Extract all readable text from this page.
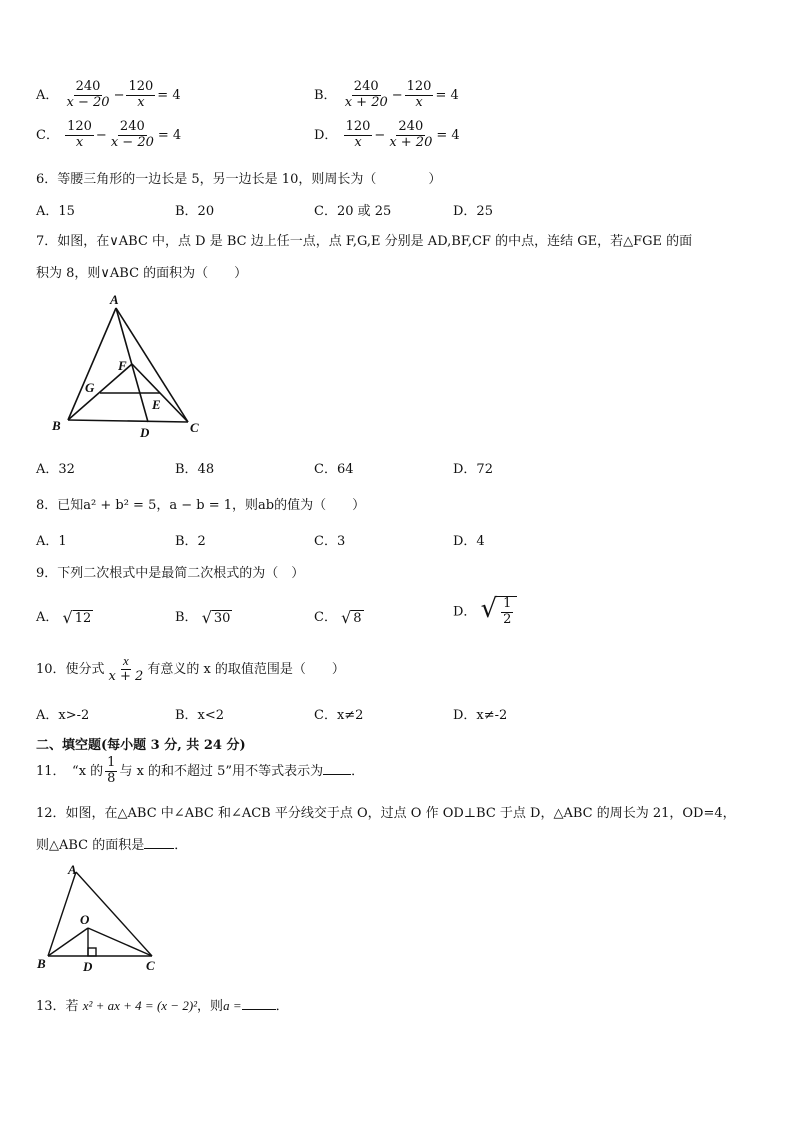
A． $\frac{240}{x - 20} - \frac{120}{x} = 4$	B． $\frac{240}{x + 20} - \frac{120}{x} = 4$
C． $\frac{120}{x} - \frac{240}{x - 20} = 4$	D． $\frac{120}{x} - \frac{240}{x + 20} = 4$
6．等腰三角形的一边长是 5，另一边长是 10，则周长为（　　　　）
A．15	B．20	C．20 或 25	D．25
7．如图，在∨ABC 中，点 D 是 BC 边上任一点，点 F,G,E 分别是 AD,BF,CF 的中点，连结 GE，若△FGE 的面
积为 8，则∨ABC 的面积为（　　）
A
F
G
E
B	D	C
A．32	B．48	C．64	D．72
8．已知a² + b² = 5，a − b = 1，则ab的值为（　　）
A．1	B．2	C．3	D．4
9．下列二次根式中是最简二次根式的为（　）
A． √ 12	B． √ 30	C． √ 8	D． √ $\frac{1}{2}$
10．使分式 $\frac{x}{x + 2}$ 有意义的 x 的取值范围是（　　）
A．x>-2	B．x<2	C．x≠2	D．x≠-2
二、填空题(每小题 3 分, 共 24 分)
11．　“x 的 $\frac{1}{8}$ 与 x 的和不超过 5”用不等式表示为 ．
12．如图，在△ABC 中∠ABC 和∠ACB 平分线交于点 O，过点 O 作 OD⊥BC 于点 D，△ABC 的周长为 21，OD=4，
则△ABC 的面积是 ．
A
O
B	D	C
13．若 x² + ax + 4 = (x − 2)²，则a =	．
